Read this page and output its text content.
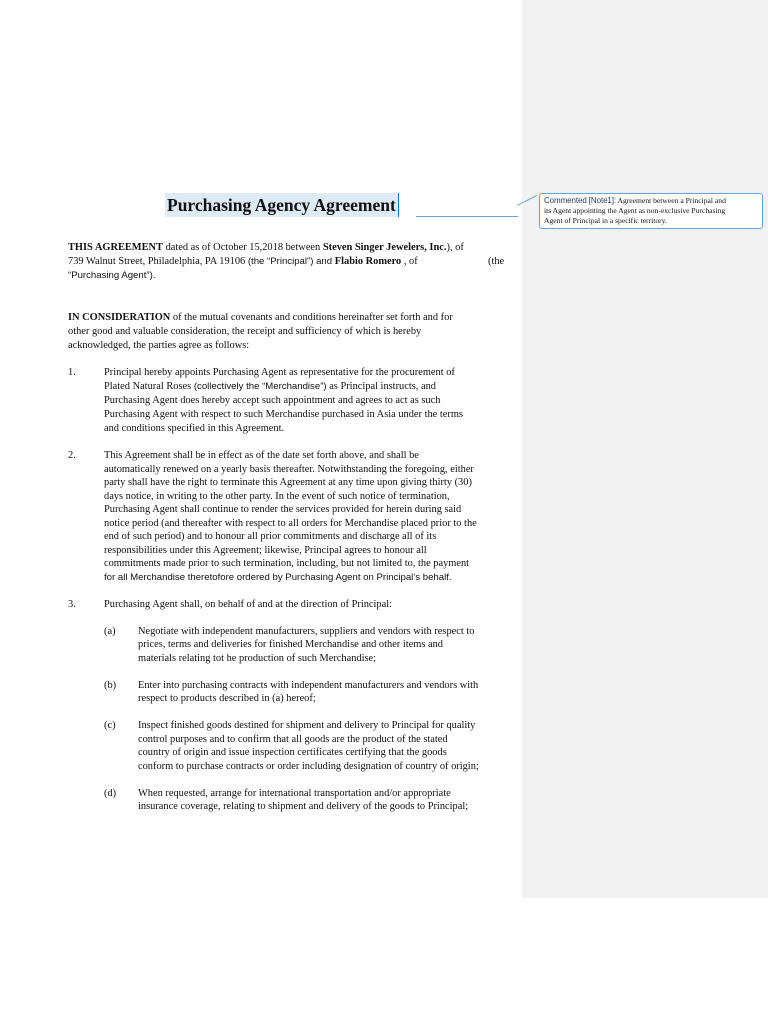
Purchasing Agency Agreement	Commented [Note1]: Agreement between a Principal and
its Agent appointing the Agent as non-exclusive Purchasing
Agent of Principal in a specific territory.
THIS AGREEMENT dated as of October 15,2018 between Steven Singer Jewelers, Inc.), of
739 Walnut Street, Philadelphia, PA 19106 (the “Principal”) and Flabio Romero , of	(the
“Purchasing Agent”).
IN CONSIDERATION of the mutual covenants and conditions hereinafter set forth and for
other good and valuable consideration, the receipt and sufficiency of which is hereby
acknowledged, the parties agree as follows:
1.	Principal hereby appoints Purchasing Agent as representative for the procurement of
Plated Natural Roses (collectively the “Merchandise”) as Principal instructs, and
Purchasing Agent does hereby accept such appointment and agrees to act as such
Purchasing Agent with respect to such Merchandise purchased in Asia under the terms
and conditions specified in this Agreement.
2.	This Agreement shall be in effect as of the date set forth above, and shall be
automatically renewed on a yearly basis thereafter. Notwithstanding the foregoing, either
party shall have the right to terminate this Agreement at any time upon giving thirty (30)
days notice, in writing to the other party. In the event of such notice of termination,
Purchasing Agent shall continue to render the services provided for herein during said
notice period (and thereafter with respect to all orders for Merchandise placed prior to the
end of such period) and to honour all prior commitments and discharge all of its
responsibilities under this Agreement; likewise, Principal agrees to honour all
commitments made prior to such termination, including, but not limited to, the payment
for all Merchandise theretofore ordered by Purchasing Agent on Principal’s behalf.
3.	Purchasing Agent shall, on behalf of and at the direction of Principal:
(a) Negotiate with independent manufacturers, suppliers and vendors with respect to
prices, terms and deliveries for finished Merchandise and other items and
materials relating tot he production of such Merchandise;
(b) Enter into purchasing contracts with independent manufacturers and vendors with
respect to products described in (a) hereof;
(c) Inspect finished goods destined for shipment and delivery to Principal for quality
control purposes and to confirm that all goods are the product of the stated
country of origin and issue inspection certificates certifying that the goods
conform to purchase contracts or order including designation of country of origin;
(d) When requested, arrange for international transportation and/or appropriate
insurance coverage, relating to shipment and delivery of the goods to Principal;
